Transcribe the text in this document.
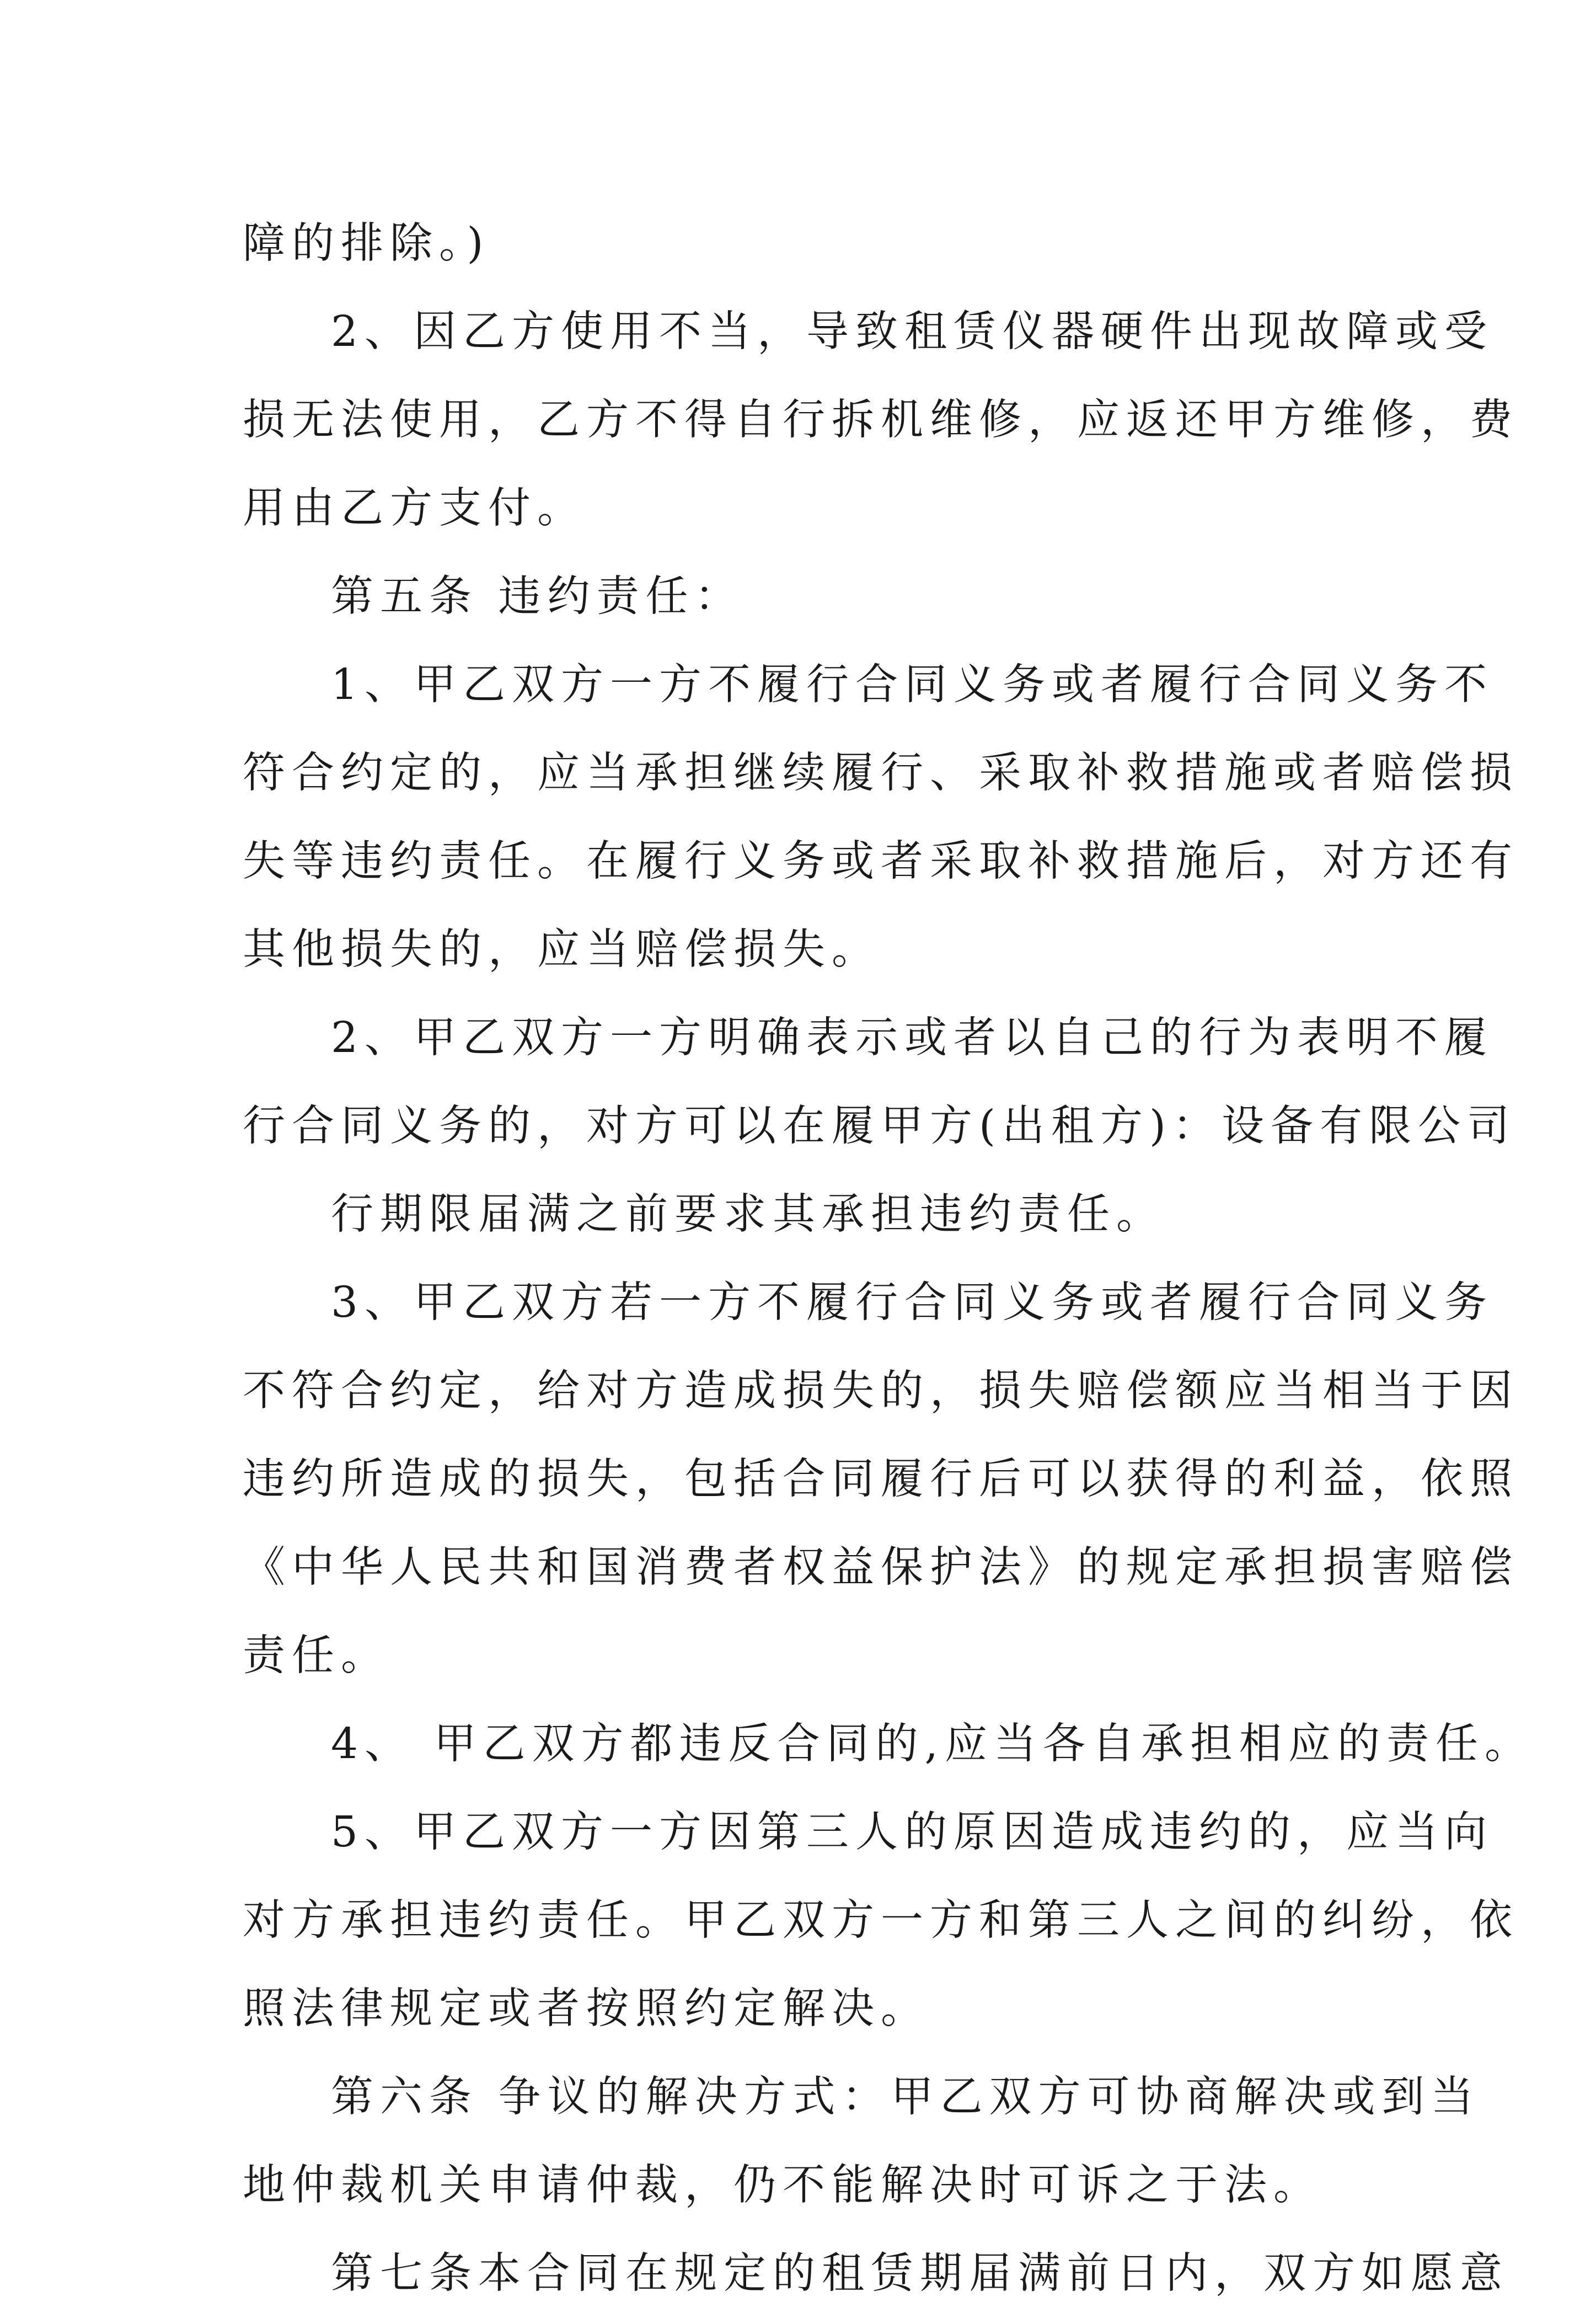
障的排除。)
2、因乙方使用不当，导致租赁仪器硬件出现故障或受
损无法使用，乙方不得自行拆机维修，应返还甲方维修，费
用由乙方支付。
第五条 违约责任：
1、甲乙双方一方不履行合同义务或者履行合同义务不
符合约定的，应当承担继续履行、采取补救措施或者赔偿损
失等违约责任。在履行义务或者采取补救措施后，对方还有
其他损失的，应当赔偿损失。
2、甲乙双方一方明确表示或者以自己的行为表明不履
行合同义务的，对方可以在履甲方(出租方)：设备有限公司
行期限届满之前要求其承担违约责任。
3、甲乙双方若一方不履行合同义务或者履行合同义务
不符合约定，给对方造成损失的，损失赔偿额应当相当于因
违约所造成的损失，包括合同履行后可以获得的利益，依照
《中华人民共和国消费者权益保护法》的规定承担损害赔偿
责任。
4、 甲乙双方都违反合同的,应当各自承担相应的责任。
5、甲乙双方一方因第三人的原因造成违约的，应当向
对方承担违约责任。甲乙双方一方和第三人之间的纠纷，依
照法律规定或者按照约定解决。
第六条 争议的解决方式：甲乙双方可协商解决或到当
地仲裁机关申请仲裁，仍不能解决时可诉之于法。
第七条本合同在规定的租赁期届满前日内，双方如愿意
